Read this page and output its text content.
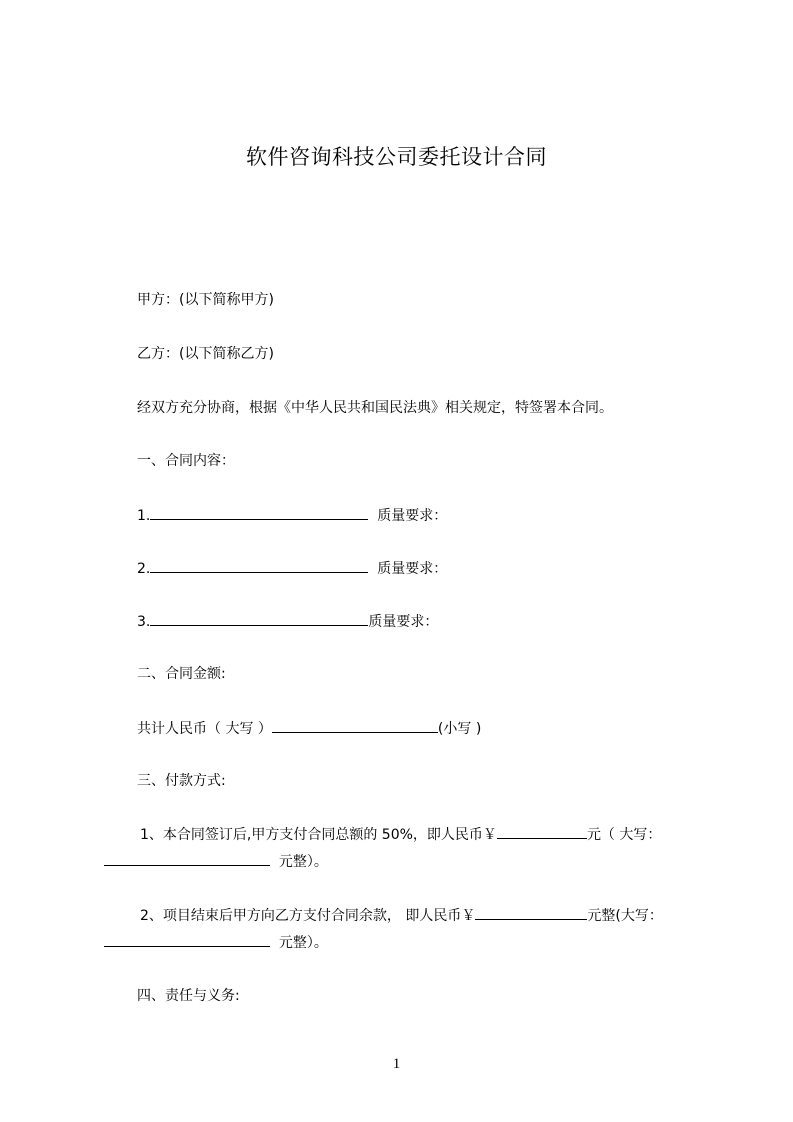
软件咨询科技公司委托设计合同
甲方：(以下简称甲方)
乙方：(以下简称乙方)
经双方充分协商，根据《中华人民共和国民法典》相关规定，特签署本合同。
一、合同内容：
1.	质量要求：
2.	质量要求：
3.	质量要求：
二、合同金额:
共计人民币（ 大写 ）	(小写 )
三、付款方式:
1、本合同签订后,甲方支付合同总额的 50%，即人民币￥	元（ 大写：
元整）。
2、项目结束后甲方向乙方支付合同余款， 即人民币￥	元整(大写：
元整）。
四、责任与义务:
1
